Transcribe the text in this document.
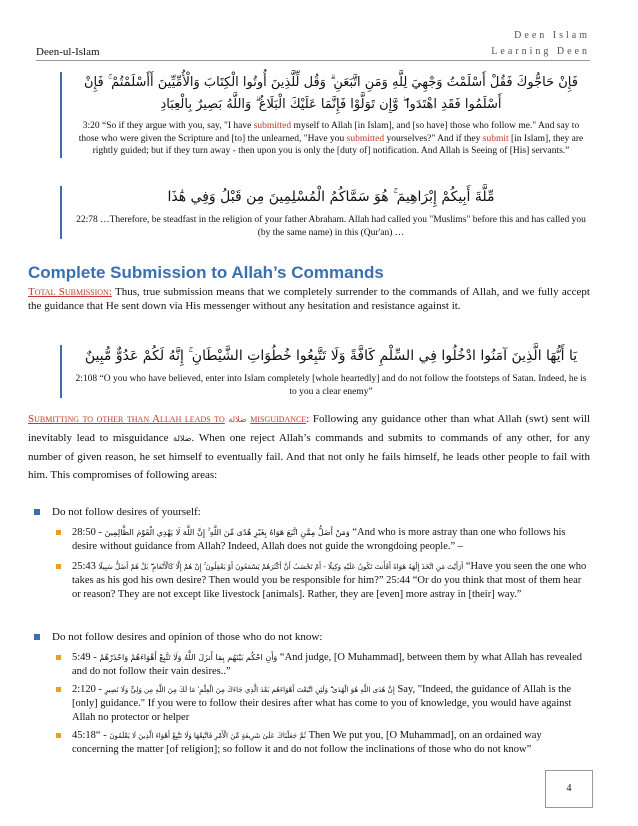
Deen-ul-Islam
Deen Islam
Learning Deen
فَإِنْ حَاجُّوكَ فَقُلْ أَسْلَمْتُ وَجْهِيَ لِلَّهِ وَمَنِ اتَّبَعَنِ ۗ وَقُل لِّلَّذِينَ أُوتُوا الْكِتَابَ وَالْأُمِّيِّينَ أَأَسْلَمْتُمْ ۚ فَإِنْ أَسْلَمُوا فَقَدِ اهْتَدَوا ۖ وَّإِن تَوَلَّوْا فَإِنَّمَا عَلَيْكَ الْبَلَاغُ ۗ وَاللَّهُ بَصِيرٌ بِالْعِبَادِ
3:20 “So if they argue with you, say, "I have submitted myself to Allah [in Islam], and [so have] those who follow me." And say to those who were given the Scripture and [to] the unlearned, "Have you submitted yourselves?" And if they submit [in Islam], they are rightly guided; but if they turn away - then upon you is only the [duty of] notification. And Allah is Seeing of [His] servants.”
مِّلَّةَ أَبِيكُمْ إِبْرَاهِيمَ ۚ هُوَ سَمَّاكُمُ الْمُسْلِمِينَ مِن قَبْلُ وَفِي هَٰذَا
22:78 …Therefore, be steadfast in the religion of your father Abraham. Allah had called you "Muslims" before this and has called you (by the same name) in this (Qur'an) …
Complete Submission to Allah’s Commands
Total Submission: Thus, true submission means that we completely surrender to the commands of Allah, and we fully accept the guidance that He sent down via His messenger without any hesitation and resistance against it.
يَا أَيُّهَا الَّذِينَ آمَنُوا ادْخُلُوا فِي السِّلْمِ كَافَّةً وَلَا تَتَّبِعُوا خُطُوَاتِ الشَّيْطَانِ ۚ إِنَّهُ لَكُمْ عَدُوٌّ مُّبِينٌ
2:108 “O you who have believed, enter into Islam completely [whole heartedly] and do not follow the footsteps of Satan. Indeed, he is to you a clear enemy”
Submitting to other than Allah leads to ضلالة misguidance: Following any guidance other than what Allah (swt) sent will inevitably lead to misguidance ضلالة. When one reject Allah’s commands and submits to commands of any other, for any number of given reason, he set himself to eventually fail. And that not only he fails himself, he leads other people to fail with him. This compromises of following areas:
Do not follow desires of yourself:
وَمَنْ أَضَلُّ مِمَّنِ اتَّبَعَ هَوَاهُ بِغَيْرِ هُدًى مِّنَ اللَّهِ ۚ إِنَّ اللَّهَ لَا يَهْدِي الْقَوْمَ الظَّالِمِينَ - 28:50 “And who is more astray than one who follows his desire without guidance from Allah? Indeed, Allah does not guide the wrongdoing people.” –
أَرَأَيْتَ مَنِ اتَّخَذَ إِلَٰهَهُ هَوَاهُ أَفَأَنتَ تَكُونُ عَلَيْهِ وَكِيلًا - أَمْ تَحْسَبُ أَنَّ أَكْثَرَهُمْ يَسْمَعُونَ أَوْ يَعْقِلُونَ ۚ إِنْ هُمْ إِلَّا كَالْأَنْعَامِ ۖ بَلْ هُمْ أَضَلُّ سَبِيلًا 25:43	“Have you seen the one who takes as his god his own desire? Then would you be responsible for him?” 25:44 “Or do you think that most of them hear or reason? They are not except like livestock [animals]. Rather, they are [even] more astray in [their] way.”
Do not follow desires and opinion of those who do not know:
وَأَنِ احْكُم بَيْنَهُم بِمَا أَنزَلَ اللَّهُ وَلَا تَتَّبِعْ أَهْوَاءَهُمْ وَاحْذَرْهُمْ - 5:49 “And judge, [O Muhammad], between them by what Allah has revealed and do not follow their vain desires..”
إِنَّ هُدَى اللَّهِ هُوَ الْهُدَىٰ ۗ وَلَئِنِ اتَّبَعْتَ أَهْوَاءَهُم بَعْدَ الَّذِي جَاءَكَ مِنَ الْعِلْمِ ۙ مَا لَكَ مِنَ اللَّهِ مِن وَلِيٍّ وَلَا نَصِيرٍ - 2:120 Say, "Indeed, the guidance of Allah is the [only] guidance." If you were to follow their desires after what has come to you of knowledge, you would have against Allah no protector or helper
ثُمَّ جَعَلْنَاكَ عَلَىٰ شَرِيعَةٍ مِّنَ الْأَمْرِ فَاتَّبِعْهَا وَلَا تَتَّبِعْ أَهْوَاءَ الَّذِينَ لَا يَعْلَمُونَ - “45:18 Then We put you, [O Muhammad], on an ordained way concerning the matter [of religion]; so follow it and do not follow the inclinations of those who do not know”
4
